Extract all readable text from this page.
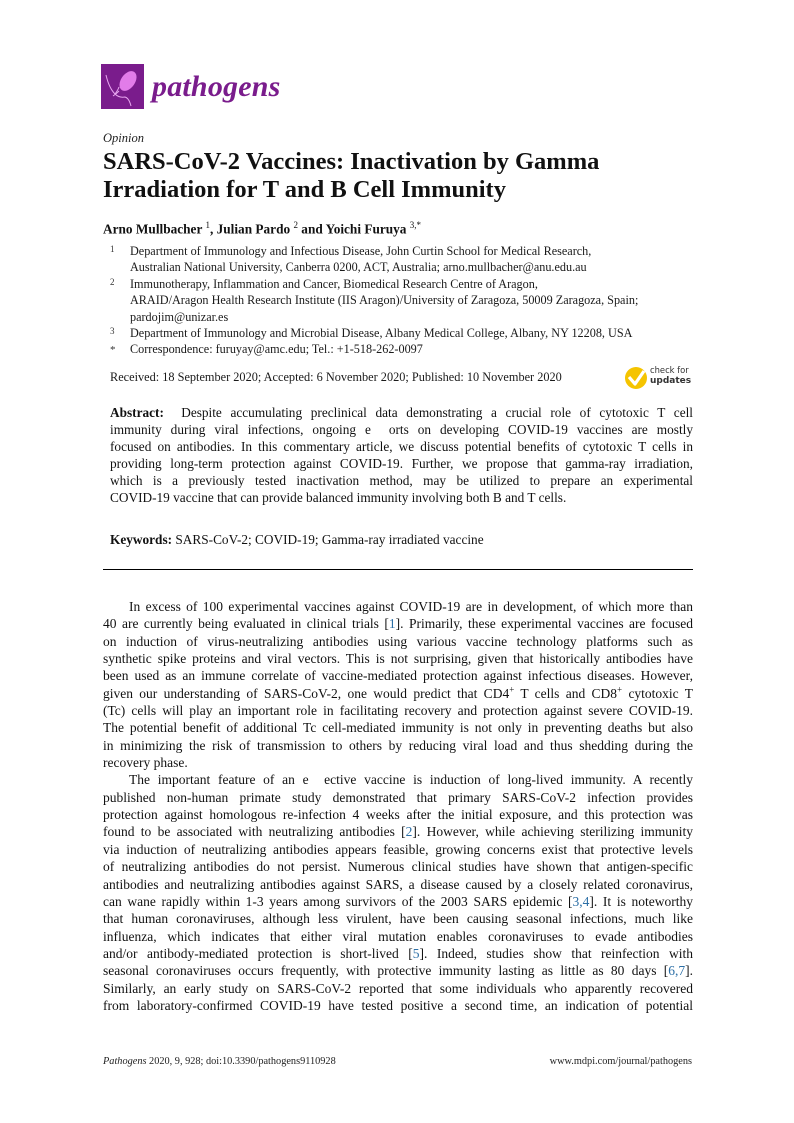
pathogens
Opinion
SARS-CoV-2 Vaccines: Inactivation by Gamma
Irradiation for T and B Cell Immunity
Arno Mullbacher $^1$, Julian Pardo $^2$ and Yoichi Furuya $^{3,*}$
1 Department of Immunology and Infectious Disease, John Curtin School for Medical Research,
Australian National University, Canberra 0200, ACT, Australia; arno.mullbacher@anu.edu.au
2 Immunotherapy, Inflammation and Cancer, Biomedical Research Centre of Aragon,
ARAID/Aragon Health Research Institute (IIS Aragon)/University of Zaragoza, 50009 Zaragoza, Spain;
pardojim@unizar.es
3 Department of Immunology and Microbial Disease, Albany Medical College, Albany, NY 12208, USA
* Correspondence: furuyay@amc.edu; Tel.: +1-518-262-0097
Received: 18 September 2020; Accepted: 6 November 2020; Published: 10 November 2020	check for
updates
Abstract: Despite accumulating preclinical data demonstrating a crucial role of cytotoxic T cell
immunity during viral infections, ongoing e  orts on developing COVID-19 vaccines are mostly
focused on antibodies. In this commentary article, we discuss potential benefits of cytotoxic T cells in
providing long-term protection against COVID-19. Further, we propose that gamma-ray irradiation,
which is a previously tested inactivation method, may be utilized to prepare an experimental
COVID-19 vaccine that can provide balanced immunity involving both B and T cells.
Keywords: SARS-CoV-2; COVID-19; Gamma-ray irradiated vaccine
In excess of 100 experimental vaccines against COVID-19 are in development, of which more than
40 are currently being evaluated in clinical trials [1]. Primarily, these experimental vaccines are focused
on induction of virus-neutralizing antibodies using various vaccine technology platforms such as
synthetic spike proteins and viral vectors. This is not surprising, given that historically antibodies have
been used as an immune correlate of vaccine-mediated protection against infectious diseases. However,
given our understanding of SARS-CoV-2, one would predict that CD4+ T cells and CD8+ cytotoxic T
(Tc) cells will play an important role in facilitating recovery and protection against severe COVID-19.
The potential benefit of additional Tc cell-mediated immunity is not only in preventing deaths but also
in minimizing the risk of transmission to others by reducing viral load and thus shedding during the
recovery phase.
The important feature of an e  ective vaccine is induction of long-lived immunity. A recently
published non-human primate study demonstrated that primary SARS-CoV-2 infection provides
protection against homologous re-infection 4 weeks after the initial exposure, and this protection was
found to be associated with neutralizing antibodies [2]. However, while achieving sterilizing immunity
via induction of neutralizing antibodies appears feasible, growing concerns exist that protective levels
of neutralizing antibodies do not persist. Numerous clinical studies have shown that antigen-specific
antibodies and neutralizing antibodies against SARS, a disease caused by a closely related coronavirus,
can wane rapidly within 1-3 years among survivors of the 2003 SARS epidemic [3,4]. It is noteworthy
that human coronaviruses, although less virulent, have been causing seasonal infections, much like
influenza, which indicates that either viral mutation enables coronaviruses to evade antibodies
and/or antibody-mediated protection is short-lived [5]. Indeed, studies show that reinfection with
seasonal coronaviruses occurs frequently, with protective immunity lasting as little as 80 days [6,7].
Similarly, an early study on SARS-CoV-2 reported that some individuals who apparently recovered
from laboratory-confirmed COVID-19 have tested positive a second time, an indication of potential
Pathogens 2020, 9, 928; doi:10.3390/pathogens9110928	www.mdpi.com/journal/pathogens
